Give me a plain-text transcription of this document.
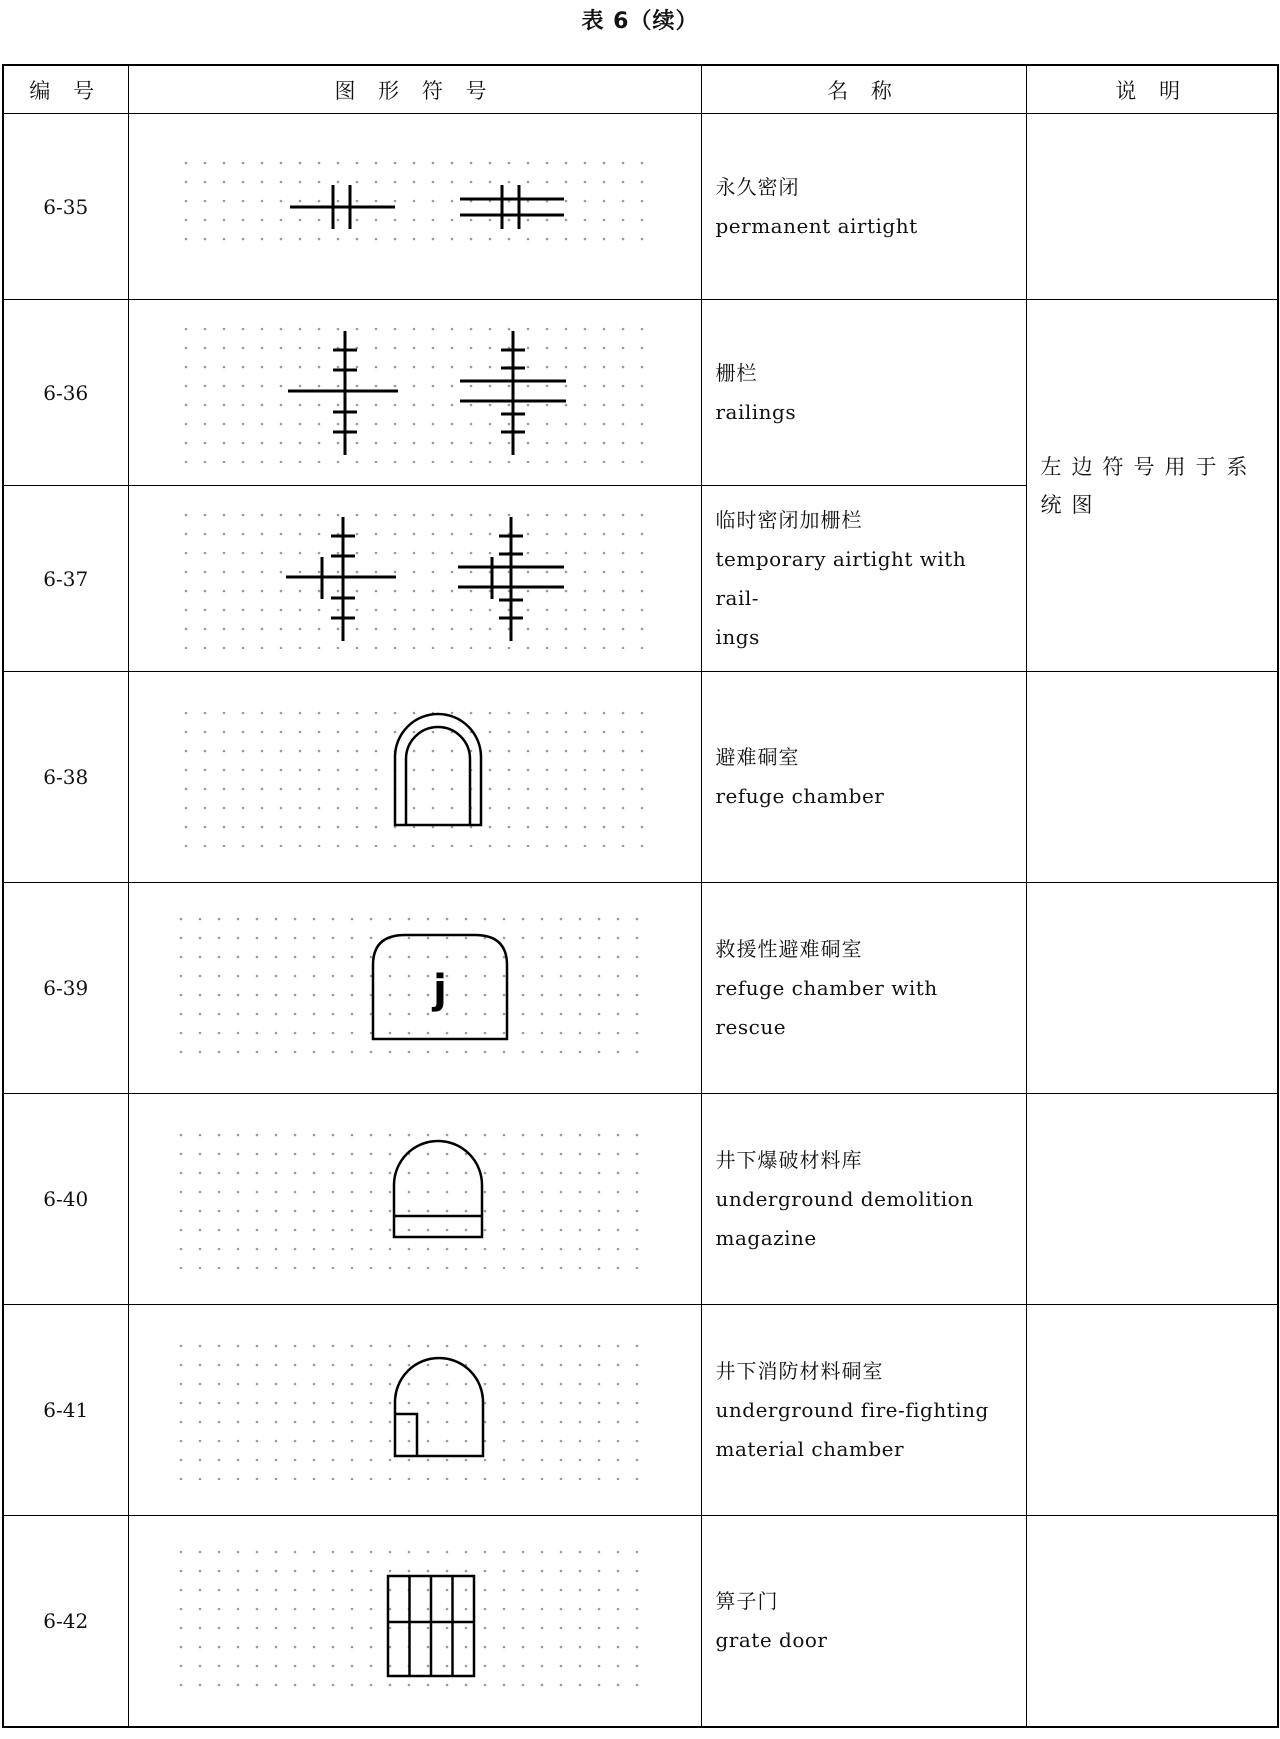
表 6（续）
编 号	图 形 符 号	名 称	说 明
6-35		永久密闭
permanent airtight	

6-36		栅栏
railings	左边符号用于系统图
6-37		临时密闭加栅栏
temporary airtight with rail-
ings	

6-38		避难硐室
refuge chamber	

6-39	j	救援性避难硐室
refuge chamber with rescue	

6-40		井下爆破材料库
underground demolition
magazine	

6-41		井下消防材料硐室
underground fire-fighting
material chamber	

6-42		箅子门
grate door	
